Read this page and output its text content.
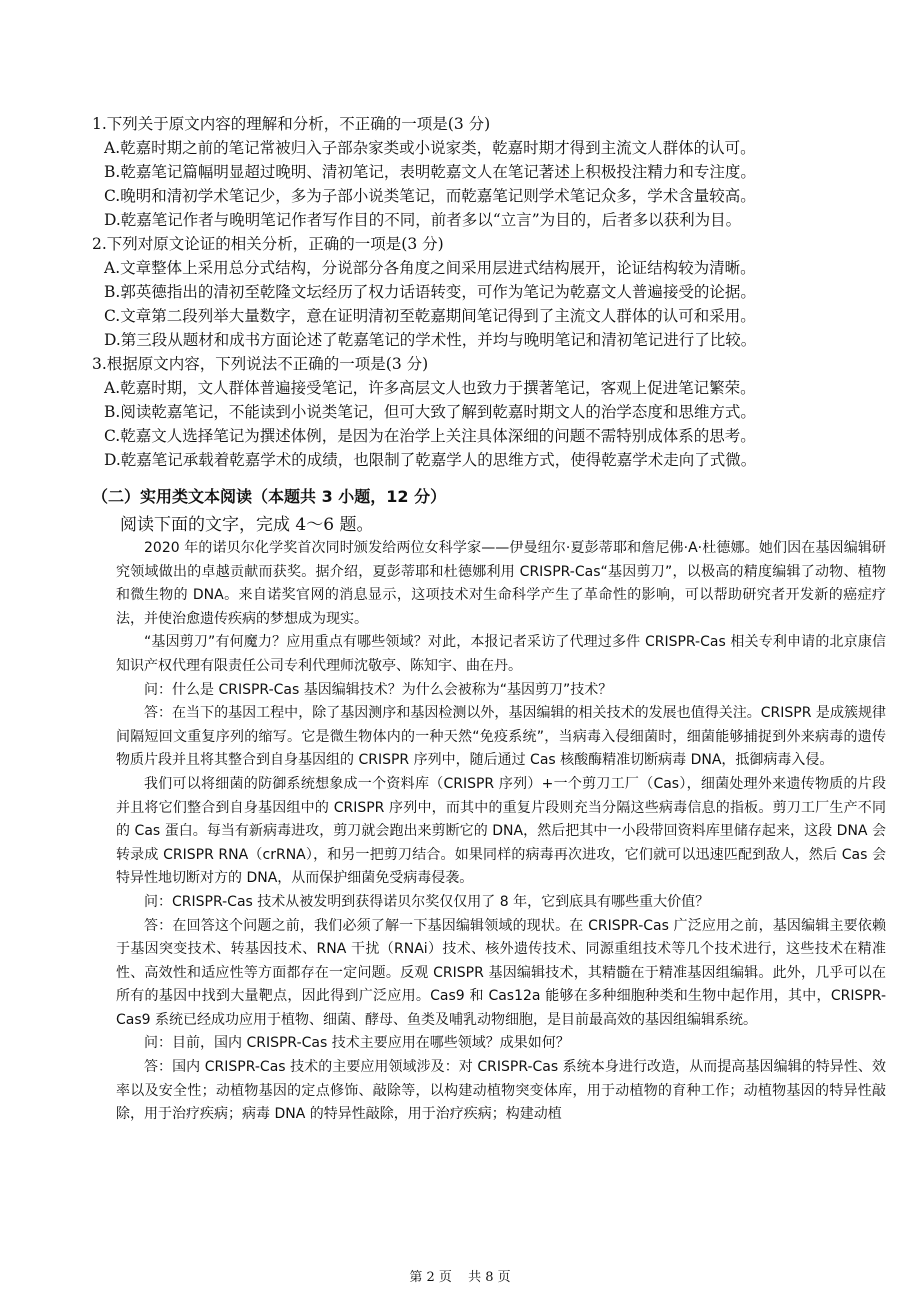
1.下列关于原文内容的理解和分析，不正确的一项是(3 分)
A.乾嘉时期之前的笔记常被归入子部杂家类或小说家类，乾嘉时期才得到主流文人群体的认可。
B.乾嘉笔记篇幅明显超过晚明、清初笔记，表明乾嘉文人在笔记著述上积极投注精力和专注度。
C.晚明和清初学术笔记少，多为子部小说类笔记，而乾嘉笔记则学术笔记众多，学术含量较高。
D.乾嘉笔记作者与晚明笔记作者写作目的不同，前者多以“立言”为目的，后者多以获利为目。
2.下列对原文论证的相关分析，正确的一项是(3 分)
A.文章整体上采用总分式结构，分说部分各角度之间采用层进式结构展开，论证结构较为清晰。
B.郭英德指出的清初至乾隆文坛经历了权力话语转变，可作为笔记为乾嘉文人普遍接受的论据。
C.文章第二段列举大量数字，意在证明清初至乾嘉期间笔记得到了主流文人群体的认可和采用。
D.第三段从题材和成书方面论述了乾嘉笔记的学术性，并均与晚明笔记和清初笔记进行了比较。
3.根据原文内容，下列说法不正确的一项是(3 分)
A.乾嘉时期，文人群体普遍接受笔记，许多高层文人也致力于撰著笔记，客观上促进笔记繁荣。
B.阅读乾嘉笔记，不能读到小说类笔记，但可大致了解到乾嘉时期文人的治学态度和思维方式。
C.乾嘉文人选择笔记为撰述体例，是因为在治学上关注具体深细的问题不需特别成体系的思考。
D.乾嘉笔记承载着乾嘉学术的成绩，也限制了乾嘉学人的思维方式，使得乾嘉学术走向了式微。
（二）实用类文本阅读（本题共 3 小题，12 分）
阅读下面的文字，完成 4～6 题。

2020 年的诺贝尔化学奖首次同时颁发给两位女科学家——伊曼纽尔·夏彭蒂耶和詹尼佛·A·杜德娜。她们因在基因编辑研究领域做出的卓越贡献而获奖。据介绍，夏彭蒂耶和杜德娜利用 CRISPR-Cas“基因剪刀”，以极高的精度编辑了动物、植物和微生物的 DNA。来自诺奖官网的消息显示，这项技术对生命科学产生了革命性的影响，可以帮助研究者开发新的癌症疗法，并使治愈遗传疾病的梦想成为现实。

“基因剪刀”有何魔力？应用重点有哪些领域？对此，本报记者采访了代理过多件 CRISPR-Cas 相关专利申请的北京康信知识产权代理有限责任公司专利代理师沈敬亭、陈知宇、曲在丹。

问：什么是 CRISPR-Cas 基因编辑技术？为什么会被称为“基因剪刀”技术？

答：在当下的基因工程中，除了基因测序和基因检测以外，基因编辑的相关技术的发展也值得关注。CRISPR 是成簇规律间隔短回文重复序列的缩写。它是微生物体内的一种天然“免疫系统”，当病毒入侵细菌时，细菌能够捕捉到外来病毒的遗传物质片段并且将其整合到自身基因组的 CRISPR 序列中，随后通过 Cas 核酸酶精准切断病毒 DNA，抵御病毒入侵。

我们可以将细菌的防御系统想象成一个资料库（CRISPR 序列）+一个剪刀工厂（Cas），细菌处理外来遗传物质的片段并且将它们整合到自身基因组中的 CRISPR 序列中，而其中的重复片段则充当分隔这些病毒信息的指板。剪刀工厂生产不同的 Cas 蛋白。每当有新病毒进攻，剪刀就会跑出来剪断它的 DNA，然后把其中一小段带回资料库里储存起来，这段 DNA 会转录成 CRISPR RNA（crRNA），和另一把剪刀结合。如果同样的病毒再次进攻，它们就可以迅速匹配到敌人，然后 Cas 会特异性地切断对方的 DNA，从而保护细菌免受病毒侵袭。

问：CRISPR-Cas 技术从被发明到获得诺贝尔奖仅仅用了 8 年，它到底具有哪些重大价值？

答：在回答这个问题之前，我们必须了解一下基因编辑领域的现状。在 CRISPR-Cas 广泛应用之前，基因编辑主要依赖于基因突变技术、转基因技术、RNA 干扰（RNAi）技术、核外遗传技术、同源重组技术等几个技术进行，这些技术在精准性、高效性和适应性等方面都存在一定问题。反观 CRISPR 基因编辑技术，其精髓在于精准基因组编辑。此外，几乎可以在所有的基因中找到大量靶点，因此得到广泛应用。Cas9 和 Cas12a 能够在多种细胞种类和生物中起作用，其中，CRISPR-Cas9 系统已经成功应用于植物、细菌、酵母、鱼类及哺乳动物细胞，是目前最高效的基因组编辑系统。

问：目前，国内 CRISPR-Cas 技术主要应用在哪些领域？成果如何？

答：国内 CRISPR-Cas 技术的主要应用领域涉及：对 CRISPR-Cas 系统本身进行改造，从而提高基因编辑的特异性、效率以及安全性；动植物基因的定点修饰、敲除等，以构建动植物突变体库，用于动植物的育种工作；动植物基因的特异性敲除，用于治疗疾病；病毒 DNA 的特异性敲除，用于治疗疾病；构建动植

第 2 页 共 8 页
